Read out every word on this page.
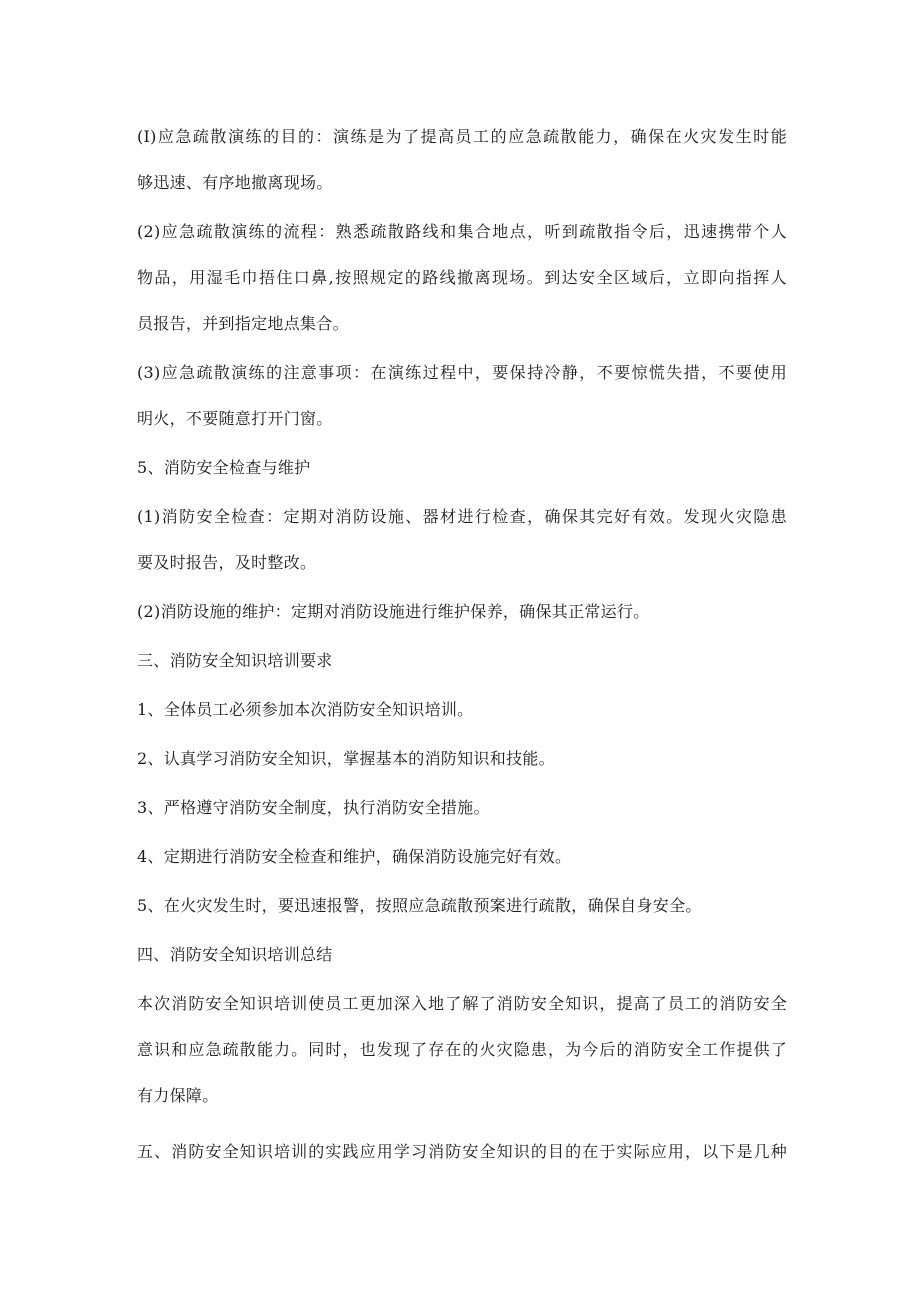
(I)应急疏散演练的目的：演练是为了提高员工的应急疏散能力，确保在火灾发生时能
够迅速、有序地撤离现场。
(2)应急疏散演练的流程：熟悉疏散路线和集合地点，听到疏散指令后，迅速携带个人
物品，用湿毛巾捂住口鼻,按照规定的路线撤离现场。到达安全区域后，立即向指挥人
员报告，并到指定地点集合。
(3)应急疏散演练的注意事项：在演练过程中，要保持冷静，不要惊慌失措，不要使用
明火，不要随意打开门窗。
5、消防安全检查与维护
(1)消防安全检查：定期对消防设施、器材进行检查，确保其完好有效。发现火灾隐患
要及时报告，及时整改。
(2)消防设施的维护：定期对消防设施进行维护保养，确保其正常运行。
三、消防安全知识培训要求
1、全体员工必须参加本次消防安全知识培训。
2、认真学习消防安全知识，掌握基本的消防知识和技能。
3、严格遵守消防安全制度，执行消防安全措施。
4、定期进行消防安全检查和维护，确保消防设施完好有效。
5、在火灾发生时，要迅速报警，按照应急疏散预案进行疏散，确保自身安全。
四、消防安全知识培训总结
本次消防安全知识培训使员工更加深入地了解了消防安全知识，提高了员工的消防安全
意识和应急疏散能力。同时，也发现了存在的火灾隐患，为今后的消防安全工作提供了
有力保障。
五、消防安全知识培训的实践应用学习消防安全知识的目的在于实际应用，以下是几种
